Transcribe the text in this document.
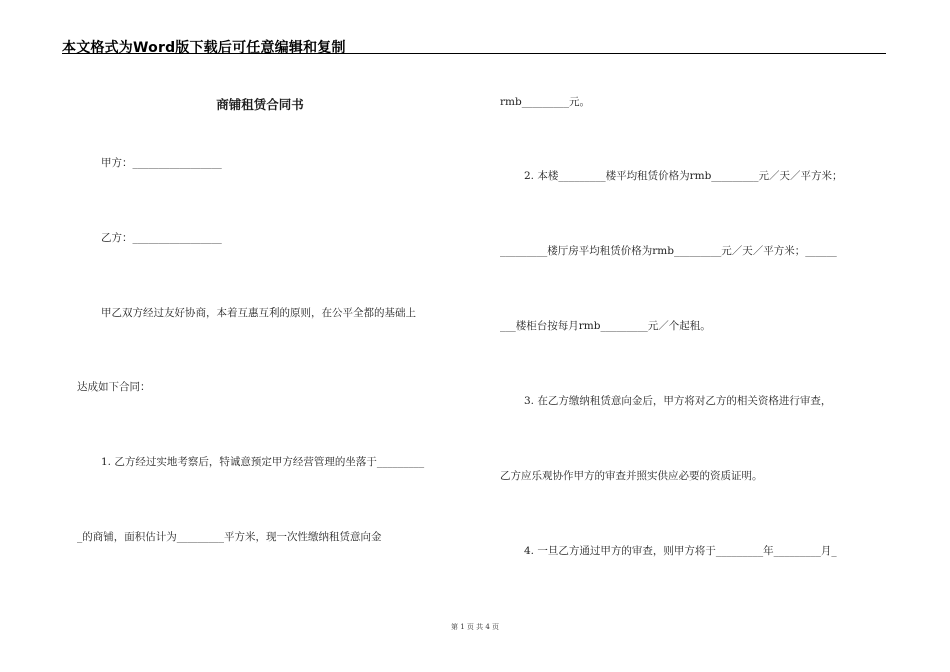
本文格式为Word版下载后可任意编辑和复制
商铺租赁合同书
甲方：_________________
乙方：_________________
甲乙双方经过友好协商，本着互惠互利的原则，在公平全都的基础上
达成如下合同：
1. 乙方经过实地考察后，特诚意预定甲方经营管理的坐落于_________
_的商铺，面积估计为_________平方米，现一次性缴纳租赁意向金
rmb_________元。
2. 本楼_________楼平均租赁价格为rmb_________元／天／平方米；
_________楼厅房平均租赁价格为rmb_________元／天／平方米；______
___楼柜台按每月rmb_________元／个起租。
3. 在乙方缴纳租赁意向金后，甲方将对乙方的相关资格进行审查，
乙方应乐观协作甲方的审查并照实供应必要的资质证明。
4. 一旦乙方通过甲方的审查，则甲方将于_________年_________月_
第 1 页 共 4 页
